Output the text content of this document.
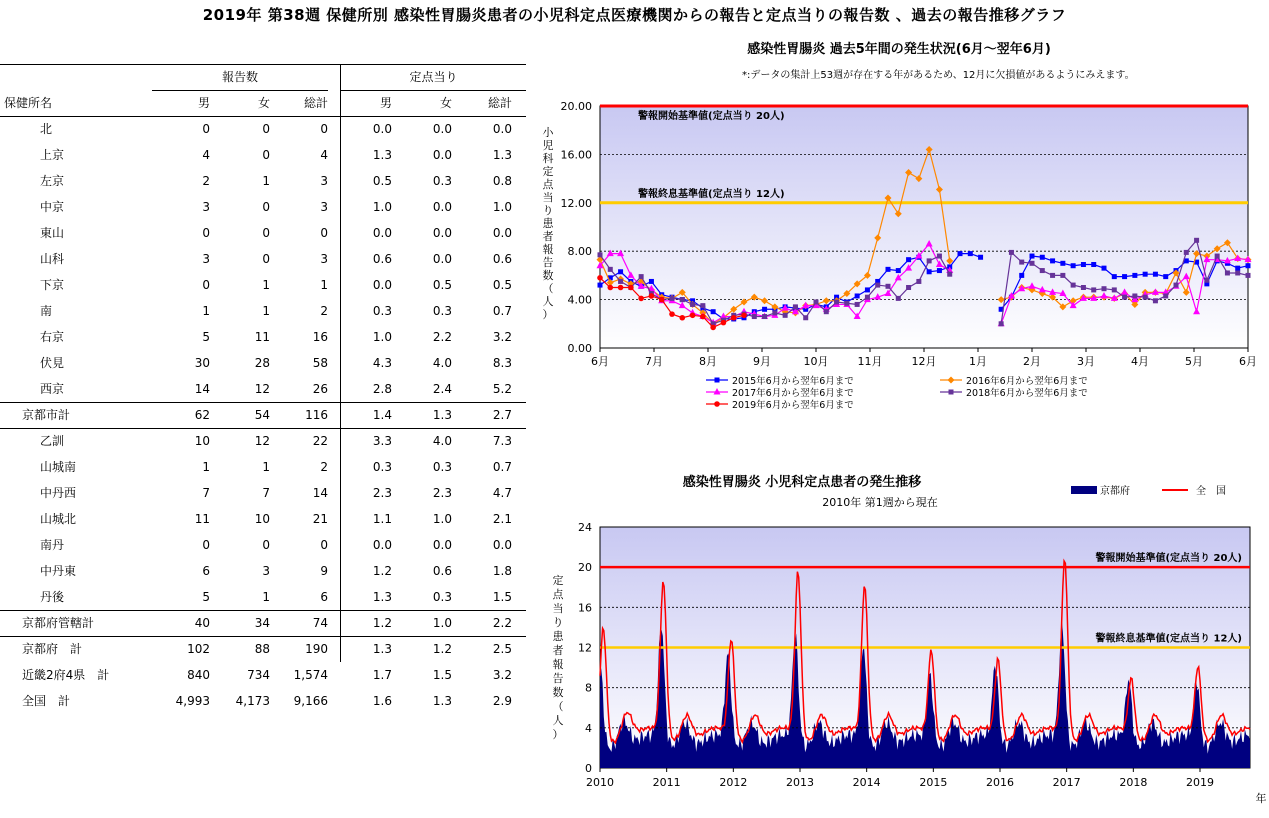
2019年 第38週 保健所別 感染性胃腸炎患者の小児科定点医療機関からの報告と定点当りの報告数 、過去の報告推移グラフ
報告数	定点当り
保健所名	男	女	総計	男	女	総計
北	0	0	0	0.0	0.0	0.0
上京	4	0	4	1.3	0.0	1.3
左京	2	1	3	0.5	0.3	0.8
中京	3	0	3	1.0	0.0	1.0
東山	0	0	0	0.0	0.0	0.0
山科	3	0	3	0.6	0.0	0.6
下京	0	1	1	0.0	0.5	0.5
南	1	1	2	0.3	0.3	0.7
右京	5	11	16	1.0	2.2	3.2
伏見	30	28	58	4.3	4.0	8.3
西京	14	12	26	2.8	2.4	5.2
京都市計	62	54	116	1.4	1.3	2.7
乙訓	10	12	22	3.3	4.0	7.3
山城南	1	1	2	0.3	0.3	0.7
中丹西	7	7	14	2.3	2.3	4.7
山城北	11	10	21	1.1	1.0	2.1
南丹	0	0	0	0.0	0.0	0.0
中丹東	6	3	9	1.2	0.6	1.8
丹後	5	1	6	1.3	0.3	1.5
京都府管轄計	40	34	74	1.2	1.0	2.2
京都府　計	102	88	190	1.3	1.2	2.5
近畿2府4県　計	840	734	1,574	1.7	1.5	3.2
全国　計	4,993	4,173	9,166	1.6	1.3	2.9
感染性胃腸炎 過去5年間の発生状況(6月～翌年6月)
*:データの集計上53週が存在する年があるため、12月に欠損値があるようにみえます。
0.00
4.00
8.00
12.00
16.00
20.00
警報開始基準値(定点当り 20人)
警報終息基準値(定点当り 12人)
6月	7月	8月	9月	10月	11月	12月	1月	2月	3月	4月	5月	6月
小
児
科
定
点
当
り
患
者
報
告
数
（
人
）
2015年6月から翌年6月まで	2016年6月から翌年6月まで
2017年6月から翌年6月まで	2018年6月から翌年6月まで
2019年6月から翌年6月まで
感染性胃腸炎 小児科定点患者の発生推移
2010年 第1週から現在
京都府	全　国
0
4
8
12
16
20
24
警報開始基準値(定点当り 20人)
警報終息基準値(定点当り 12人)
2010	2011	2012	2013	2014	2015	2016	2017	2018	2019
年
定
点
当
り
患
者
報
告
数
（
人
）
